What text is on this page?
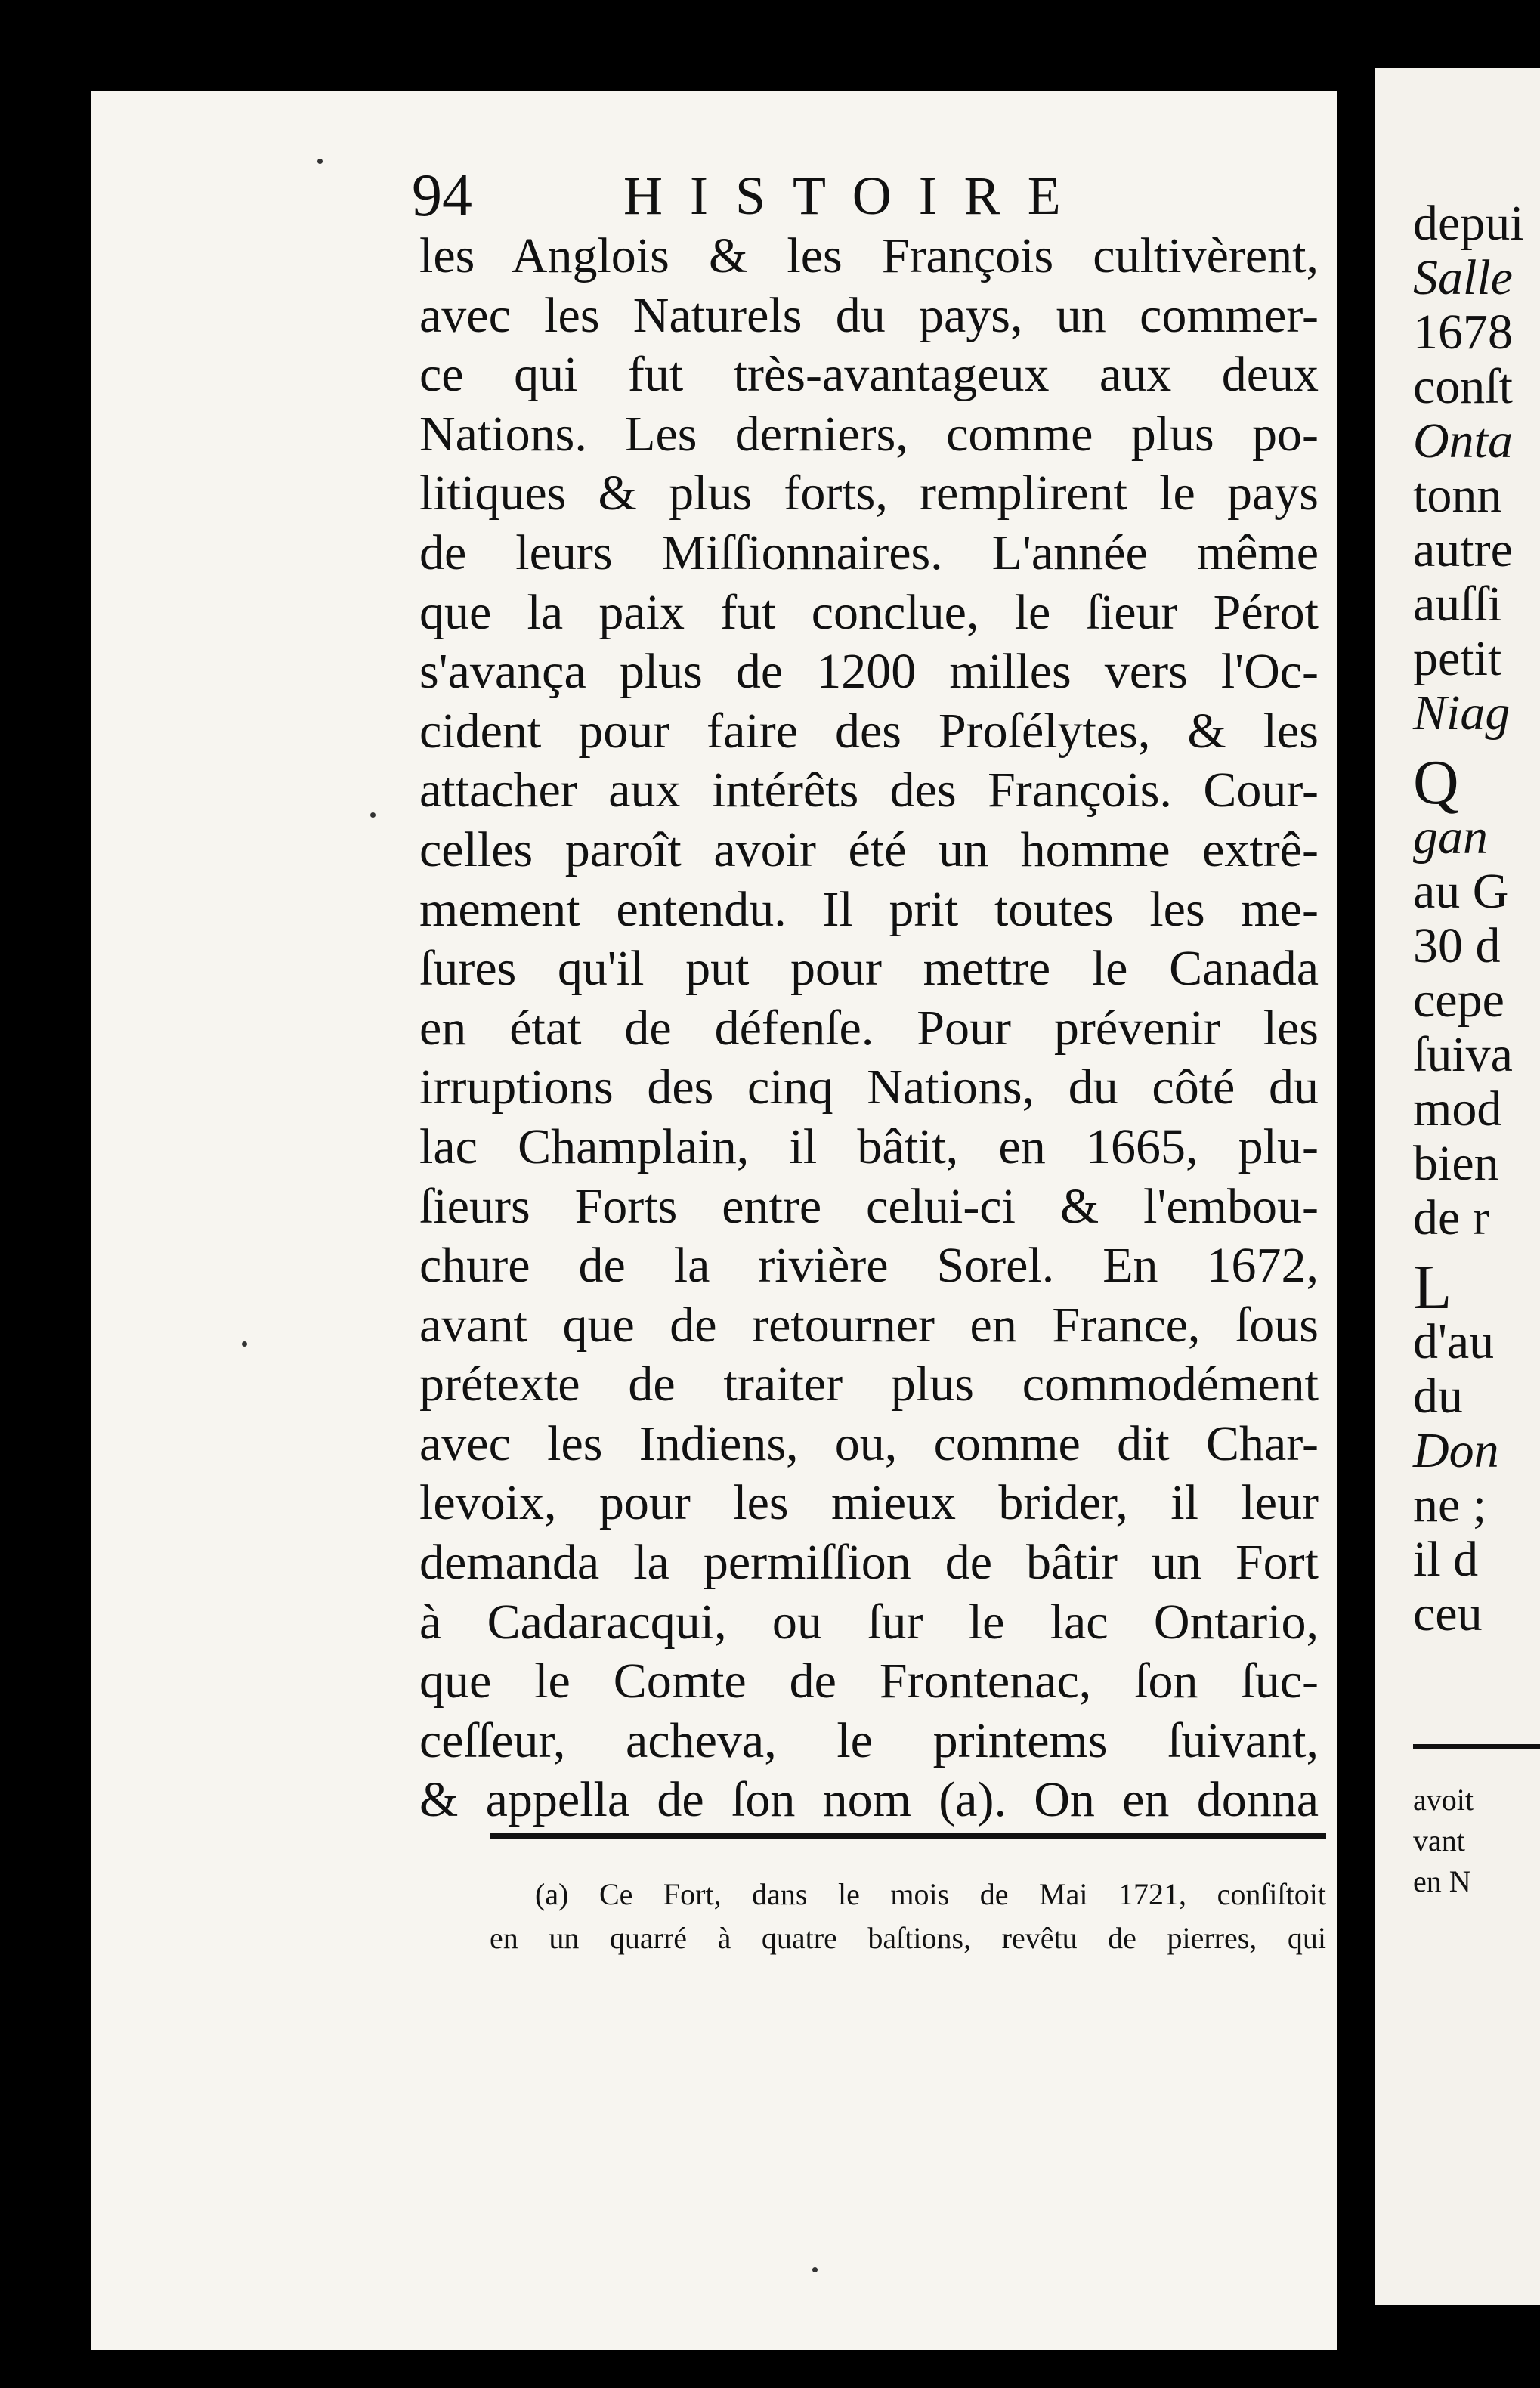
depui
Salle
1678
conſt
Onta
tonn
autre
auſſi
petit
Niag
Q
gan
au G
30 d
cepe
ſuiva
mod
bien
de r
L
d'au
du
Don
ne ;
il d
ceu
avoit
vant
en N
94	HISTOIRE
les Anglois & les François cultivèrent,
avec les Naturels du pays, un commer-
ce qui fut très-avantageux aux deux
Nations. Les derniers, comme plus po-
litiques & plus forts, remplirent le pays
de leurs Miſſionnaires. L'année même
que la paix fut concluе, le ſieur Pérot
s'avança plus de 1200 milles vers l'Oc-
cident pour faire des Proſélytes, & les
attacher aux intérêts des François. Cour-
celles paroît avoir été un homme extrê-
mement entendu. Il prit toutes les me-
ſures qu'il put pour mettre le Canada
en état de défenſe. Pour prévenir les
irruptions des cinq Nations, du côté du
lac Champlain, il bâtit, en 1665, plu-
ſieurs Forts entre celui-ci & l'embou-
chure de la rivière Sorel. En 1672,
avant que de retourner en France, ſous
prétexte de traiter plus commodément
avec les Indiens, ou, comme dit Char-
levoix, pour les mieux brider, il leur
demanda la permiſſion de bâtir un Fort
à Cadaracqui, ou ſur le lac Ontario,
que le Comte de Frontenac, ſon ſuc-
ceſſeur, acheva, le printems ſuivant,
& appella de ſon nom (a). On en donna
(a) Ce Fort, dans le mois de Mai 1721, conſiſtoit
en un quarré à quatre baſtions, revêtu de pierres, qui
